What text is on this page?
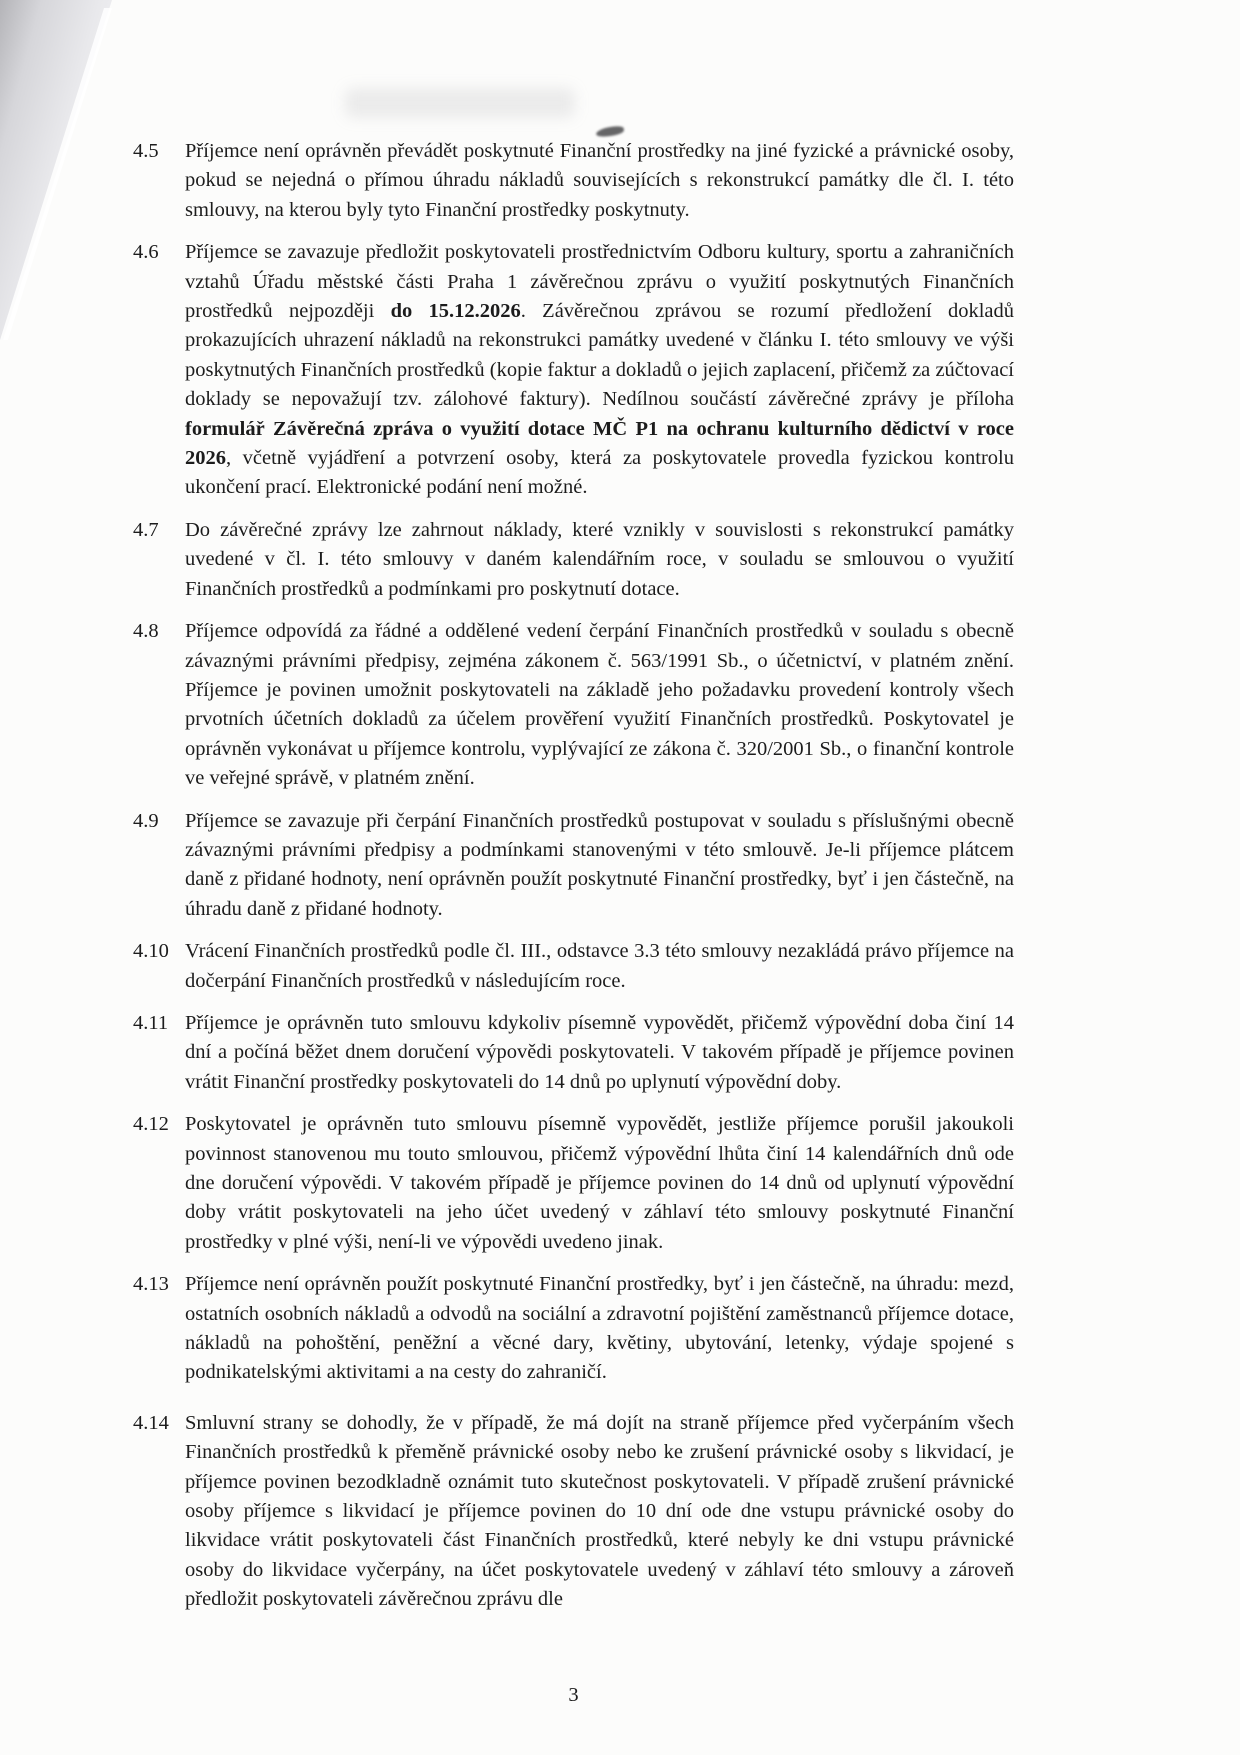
4.5	Příjemce není oprávněn převádět poskytnuté Finanční prostředky na jiné fyzické a právnické osoby, pokud se nejedná o přímou úhradu nákladů souvisejících s rekonstrukcí památky dle čl. I. této smlouvy, na kterou byly tyto Finanční prostředky poskytnuty.

4.6	Příjemce se zavazuje předložit poskytovateli prostřednictvím Odboru kultury, sportu a zahraničních vztahů Úřadu městské části Praha 1 závěrečnou zprávu o využití poskytnutých Finančních prostředků nejpozději do 15.12.2026. Závěrečnou zprávou se rozumí předložení dokladů prokazujících uhrazení nákladů na rekonstrukci památky uvedené v článku I. této smlouvy ve výši poskytnutých Finančních prostředků (kopie faktur a dokladů o jejich zaplacení, přičemž za zúčtovací doklady se nepovažují tzv. zálohové faktury). Nedílnou součástí závěrečné zprávy je příloha formulář Závěrečná zpráva o využití dotace MČ P1 na ochranu kulturního dědictví v roce 2026, včetně vyjádření a potvrzení osoby, která za poskytovatele provedla fyzickou kontrolu ukončení prací. Elektronické podání není možné.

4.7	Do závěrečné zprávy lze zahrnout náklady, které vznikly v souvislosti s rekonstrukcí památky uvedené v čl. I. této smlouvy v daném kalendářním roce, v souladu se smlouvou o využití Finančních prostředků a podmínkami pro poskytnutí dotace.

4.8	Příjemce odpovídá za řádné a oddělené vedení čerpání Finančních prostředků v souladu s obecně závaznými právními předpisy, zejména zákonem č. 563/1991 Sb., o účetnictví, v platném znění. Příjemce je povinen umožnit poskytovateli na základě jeho požadavku provedení kontroly všech prvotních účetních dokladů za účelem prověření využití Finančních prostředků. Poskytovatel je oprávněn vykonávat u příjemce kontrolu, vyplývající ze zákona č. 320/2001 Sb., o finanční kontrole ve veřejné správě, v platném znění.

4.9	Příjemce se zavazuje při čerpání Finančních prostředků postupovat v souladu s příslušnými obecně závaznými právními předpisy a podmínkami stanovenými v této smlouvě. Je-li příjemce plátcem daně z přidané hodnoty, není oprávněn použít poskytnuté Finanční prostředky, byť i jen částečně, na úhradu daně z přidané hodnoty.

4.10 Vrácení Finančních prostředků podle čl. III., odstavce 3.3 této smlouvy nezakládá právo příjemce na dočerpání Finančních prostředků v následujícím roce.

4.11 Příjemce je oprávněn tuto smlouvu kdykoliv písemně vypovědět, přičemž výpovědní doba činí 14 dní a počíná běžet dnem doručení výpovědi poskytovateli. V takovém případě je příjemce povinen vrátit Finanční prostředky poskytovateli do 14 dnů po uplynutí výpovědní doby.

4.12 Poskytovatel je oprávněn tuto smlouvu písemně vypovědět, jestliže příjemce porušil jakoukoli povinnost stanovenou mu touto smlouvou, přičemž výpovědní lhůta činí 14 kalendářních dnů ode dne doručení výpovědi. V takovém případě je příjemce povinen do 14 dnů od uplynutí výpovědní doby vrátit poskytovateli na jeho účet uvedený v záhlaví této smlouvy poskytnuté Finanční prostředky v plné výši, není-li ve výpovědi uvedeno jinak.

4.13 Příjemce není oprávněn použít poskytnuté Finanční prostředky, byť i jen částečně, na úhradu: mezd, ostatních osobních nákladů a odvodů na sociální a zdravotní pojištění zaměstnanců příjemce dotace, nákladů na pohoštění, peněžní a věcné dary, květiny, ubytování, letenky, výdaje spojené s podnikatelskými aktivitami a na cesty do zahraničí.

4.14 Smluvní strany se dohodly, že v případě, že má dojít na straně příjemce před vyčerpáním všech Finančních prostředků k přeměně právnické osoby nebo ke zrušení právnické osoby s likvidací, je příjemce povinen bezodkladně oznámit tuto skutečnost poskytovateli. V případě zrušení právnické osoby příjemce s likvidací je příjemce povinen do 10 dní ode dne vstupu právnické osoby do likvidace vrátit poskytovateli část Finančních prostředků, které nebyly ke dni vstupu právnické osoby do likvidace vyčerpány, na účet poskytovatele uvedený v záhlaví této smlouvy a zároveň předložit poskytovateli závěrečnou zprávu dle

3
